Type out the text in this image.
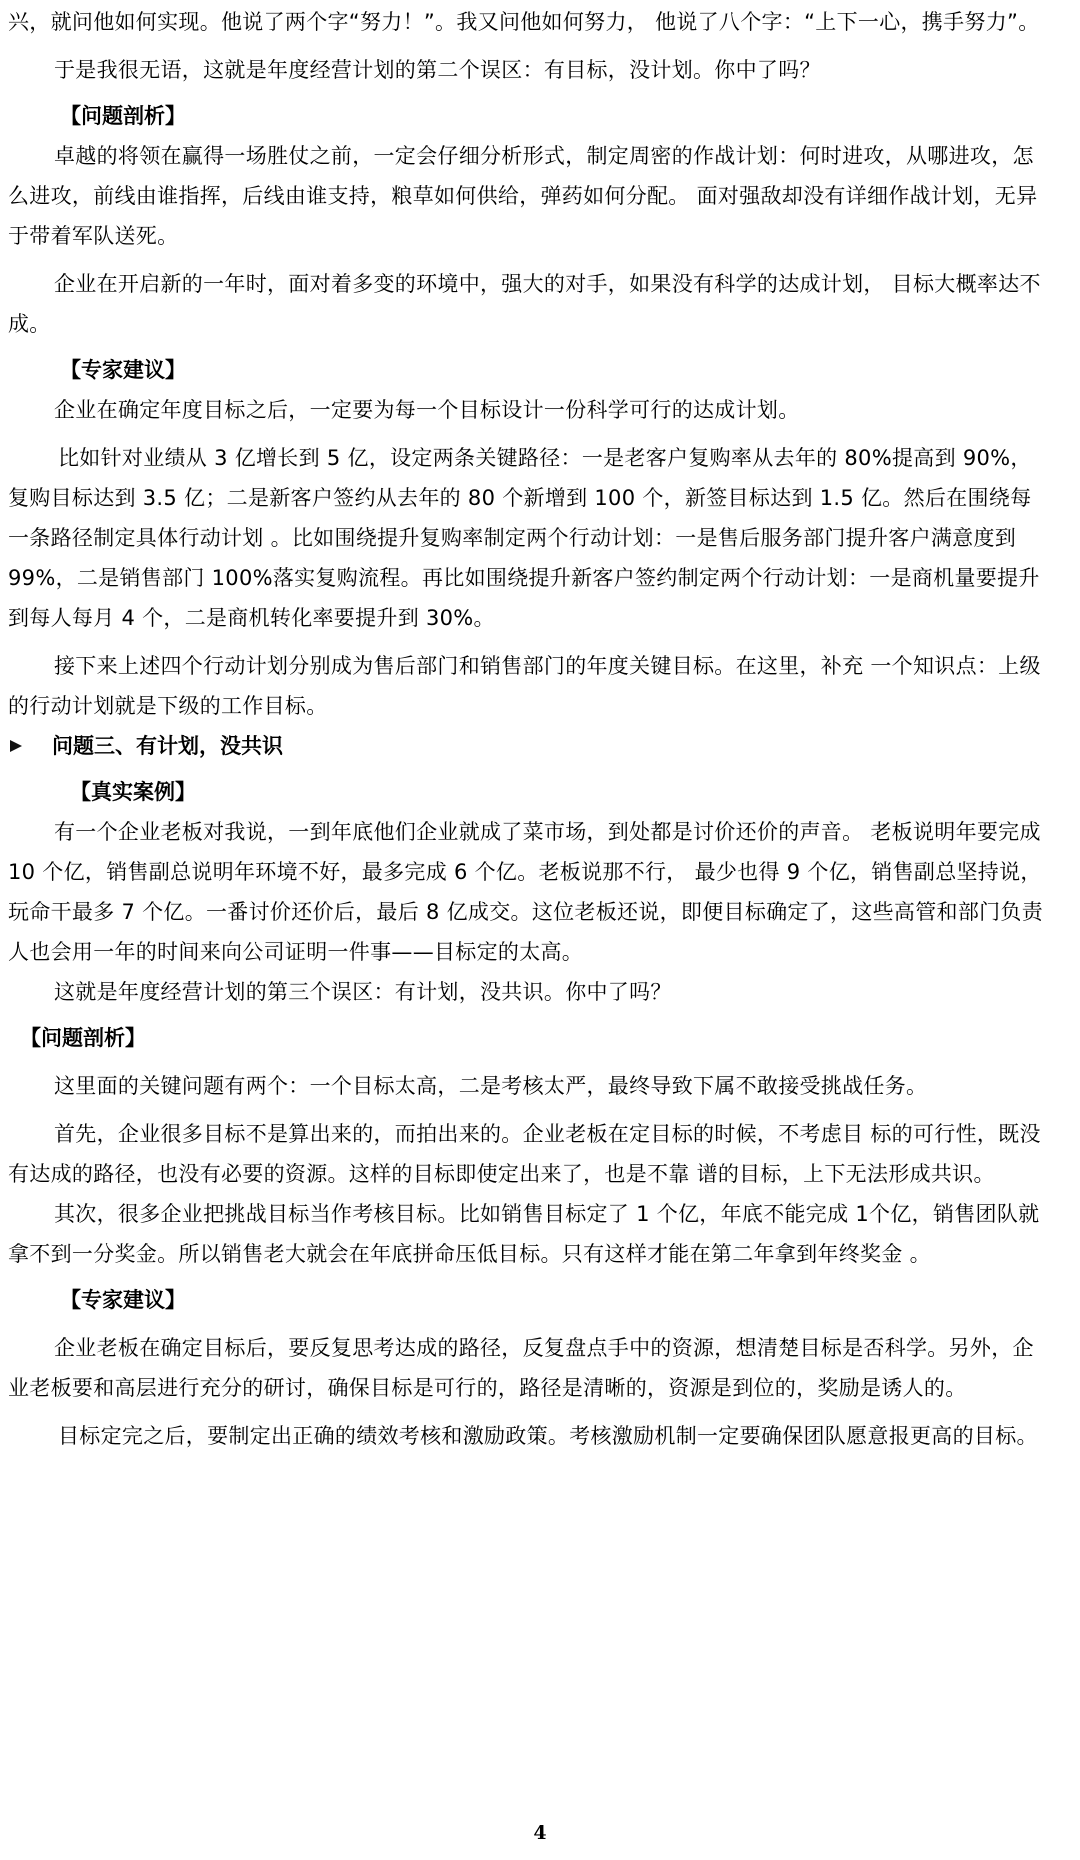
兴，就问他如何实现。他说了两个字“努力！”。我又问他如何努力， 他说了八个字：“上下一心，携手努力”。

于是我很无语，这就是年度经营计划的第二个误区：有目标，没计划。你中了吗？

【问题剖析】

卓越的将领在赢得一场胜仗之前，一定会仔细分析形式，制定周密的作战计划：何时进攻，从哪进攻，怎么进攻，前线由谁指挥，后线由谁支持，粮草如何供给，弹药如何分配。 面对强敌却没有详细作战计划，无异于带着军队送死。

企业在开启新的一年时，面对着多变的环境中，强大的对手，如果没有科学的达成计划， 目标大概率达不成。

【专家建议】

企业在确定年度目标之后，一定要为每一个目标设计一份科学可行的达成计划。

比如针对业绩从 3 亿增长到 5 亿，设定两条关键路径：一是老客户复购率从去年的 80%提高到 90%，复购目标达到 3.5 亿；二是新客户签约从去年的 80 个新增到 100 个，新签目标达到 1.5 亿。然后在围绕每一条路径制定具体行动计划 。比如围绕提升复购率制定两个行动计划：一是售后服务部门提升客户满意度到 99%，二是销售部门 100%落实复购流程。再比如围绕提升新客户签约制定两个行动计划：一是商机量要提升到每人每月 4 个，二是商机转化率要提升到 30%。

接下来上述四个行动计划分别成为售后部门和销售部门的年度关键目标。在这里，补充 一个知识点：上级的行动计划就是下级的工作目标。

问题三、有计划，没共识
【真实案例】

有一个企业老板对我说，一到年底他们企业就成了菜市场，到处都是讨价还价的声音。 老板说明年要完成 10 个亿，销售副总说明年环境不好，最多完成 6 个亿。老板说那不行， 最少也得 9 个亿，销售副总坚持说，玩命干最多 7 个亿。一番讨价还价后，最后 8 亿成交。这位老板还说，即便目标确定了，这些高管和部门负责人也会用一年的时间来向公司证明一件事——目标定的太高。

这就是年度经营计划的第三个误区：有计划，没共识。你中了吗？

【问题剖析】

这里面的关键问题有两个：一个目标太高，二是考核太严，最终导致下属不敢接受挑战任务。

首先，企业很多目标不是算出来的，而拍出来的。企业老板在定目标的时候，不考虑目 标的可行性，既没有达成的路径，也没有必要的资源。这样的目标即使定出来了，也是不靠 谱的目标，上下无法形成共识。

其次，很多企业把挑战目标当作考核目标。比如销售目标定了 1 个亿，年底不能完成 1个亿，销售团队就拿不到一分奖金。所以销售老大就会在年底拼命压低目标。只有这样才能在第二年拿到年终奖金 。

【专家建议】

企业老板在确定目标后，要反复思考达成的路径，反复盘点手中的资源，想清楚目标是否科学。另外，企业老板要和高层进行充分的研讨，确保目标是可行的，路径是清晰的，资源是到位的，奖励是诱人的。

目标定完之后，要制定出正确的绩效考核和激励政策。考核激励机制一定要确保团队愿意报更高的目标。

4
